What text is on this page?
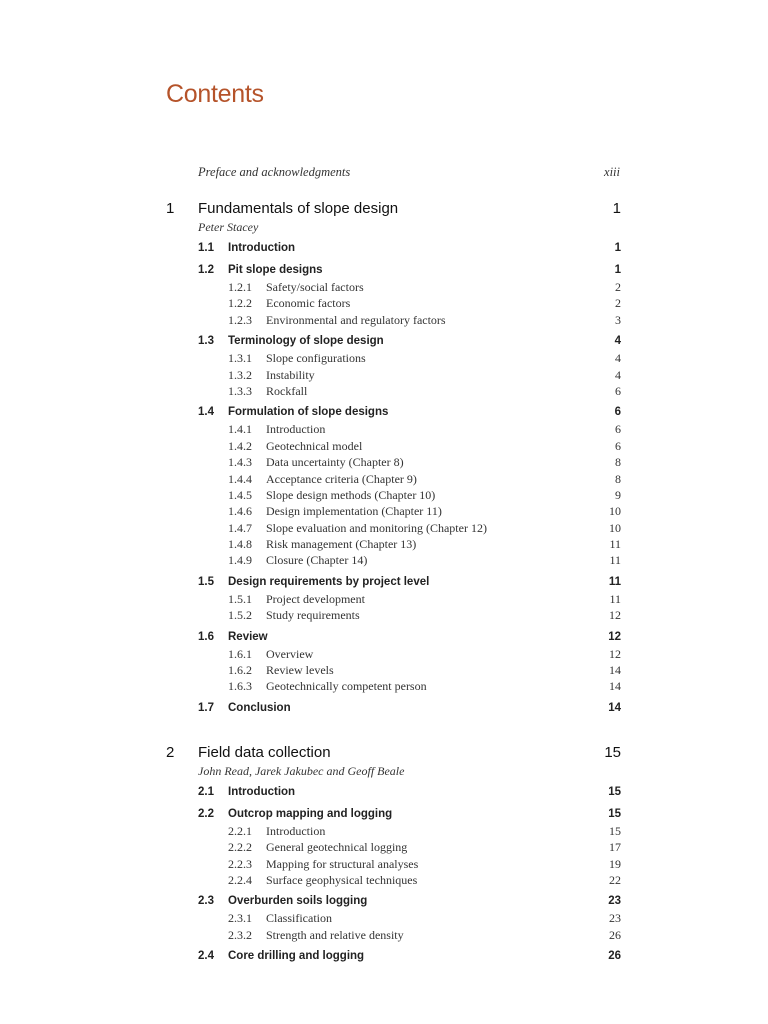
Contents
Preface and acknowledgments	xiii
1 Fundamentals of slope design	1
Peter Stacey
1.1 Introduction	1
1.2 Pit slope designs	1
1.2.1 Safety/social factors	2
1.2.2 Economic factors	2
1.2.3 Environmental and regulatory factors	3
1.3 Terminology of slope design	4
1.3.1 Slope configurations	4
1.3.2 Instability	4
1.3.3 Rockfall	6
1.4 Formulation of slope designs	6
1.4.1 Introduction	6
1.4.2 Geotechnical model	6
1.4.3 Data uncertainty (Chapter 8)	8
1.4.4 Acceptance criteria (Chapter 9)	8
1.4.5 Slope design methods (Chapter 10)	9
1.4.6 Design implementation (Chapter 11)	10
1.4.7 Slope evaluation and monitoring (Chapter 12)	10
1.4.8 Risk management (Chapter 13)	11
1.4.9 Closure (Chapter 14)	11
1.5 Design requirements by project level	11
1.5.1 Project development	11
1.5.2 Study requirements	12
1.6 Review	12
1.6.1 Overview	12
1.6.2 Review levels	14
1.6.3 Geotechnically competent person	14
1.7 Conclusion	14
2 Field data collection	15
John Read, Jarek Jakubec and Geoff Beale
2.1 Introduction	15
2.2 Outcrop mapping and logging	15
2.2.1 Introduction	15
2.2.2 General geotechnical logging	17
2.2.3 Mapping for structural analyses	19
2.2.4 Surface geophysical techniques	22
2.3 Overburden soils logging	23
2.3.1 Classification	23
2.3.2 Strength and relative density	26
2.4 Core drilling and logging	26
